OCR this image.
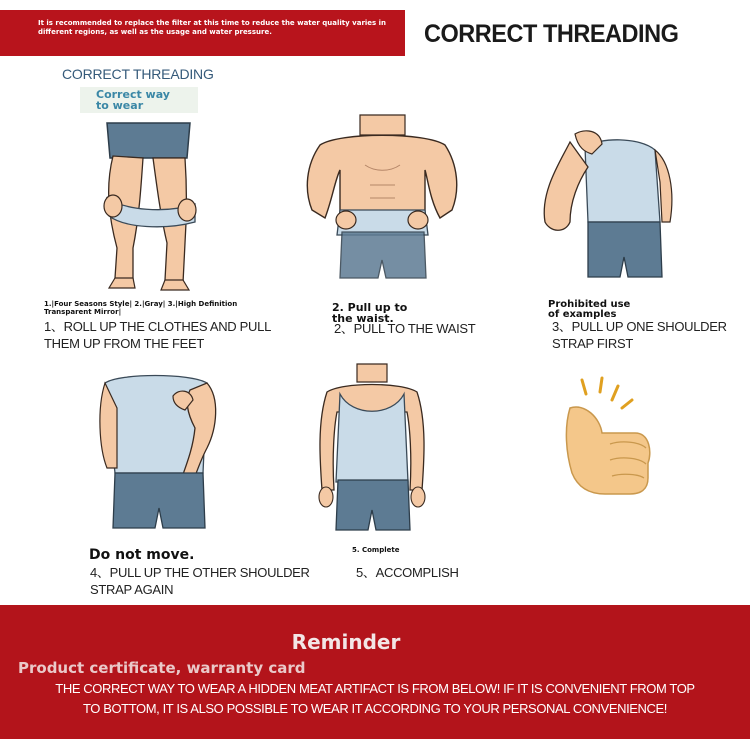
It is recommended to replace the filter at this time to reduce the water quality varies in different regions, as well as the usage and water pressure.	CORRECT THREADING
CORRECT THREADING
Correct way to wear
1.|Four Seasons Style| 2.|Gray| 3.|High Definition Transparent Mirror|
1、ROLL UP THE CLOTHES AND PULL THEM UP FROM THE FEET
2. Pull up to the waist.
2、PULL TO THE WAIST
Prohibited use of examples
3、PULL UP ONE SHOULDER STRAP FIRST
Do not move.
4、PULL UP THE OTHER SHOULDER STRAP AGAIN
5. Complete
5、ACCOMPLISH
Reminder
Product certificate, warranty card
THE CORRECT WAY TO WEAR A HIDDEN MEAT ARTIFACT IS FROM BELOW! IF IT IS CONVENIENT FROM TOP
TO BOTTOM, IT IS ALSO POSSIBLE TO WEAR IT ACCORDING TO YOUR PERSONAL CONVENIENCE!
